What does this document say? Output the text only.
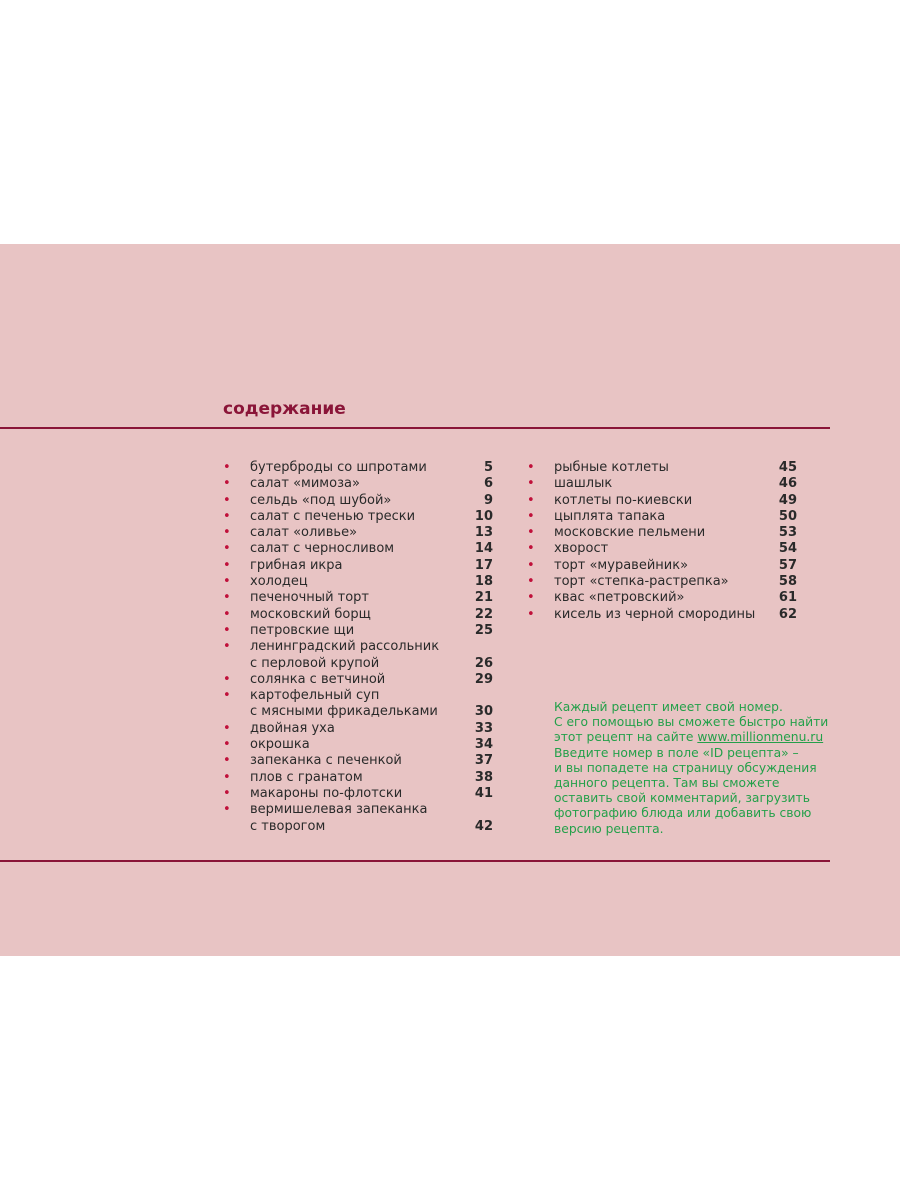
содержание
• бутерброды со шпротами	5
• салат «мимоза»	6
• сельдь «под шубой»	9
• салат с печенью трески	10
• салат «оливье»	13
• салат с черносливом	14
• грибная икра	17
• холодец	18
• печеночный торт	21
• московский борщ	22
• петровские щи	25
• ленинградский рассольник
с перловой крупой	26
• солянка с ветчиной	29
• картофельный суп
с мясными фрикадельками	30
• двойная уха	33
• окрошка	34
• запеканка с печенкой	37
• плов с гранатом	38
• макароны по-флотски	41
• вермишелевая запеканка
с творогом	42
• рыбные котлеты	45
• шашлык	46
• котлеты по-киевски	49
• цыплята тапака	50
• московские пельмени	53
• хворост	54
• торт «муравейник»	57
• торт «степка-растрепка»	58
• квас «петровский»	61
• кисель из черной смородины	62

Каждый рецепт имеет свой номер.
С его помощью вы сможете быстро найти
этот рецепт на сайте www.millionmenu.ru
Введите номер в поле «ID рецепта» –
и вы попадете на страницу обсуждения
данного рецепта. Там вы сможете
оставить свой комментарий, загрузить
фотографию блюда или добавить свою
версию рецепта.
